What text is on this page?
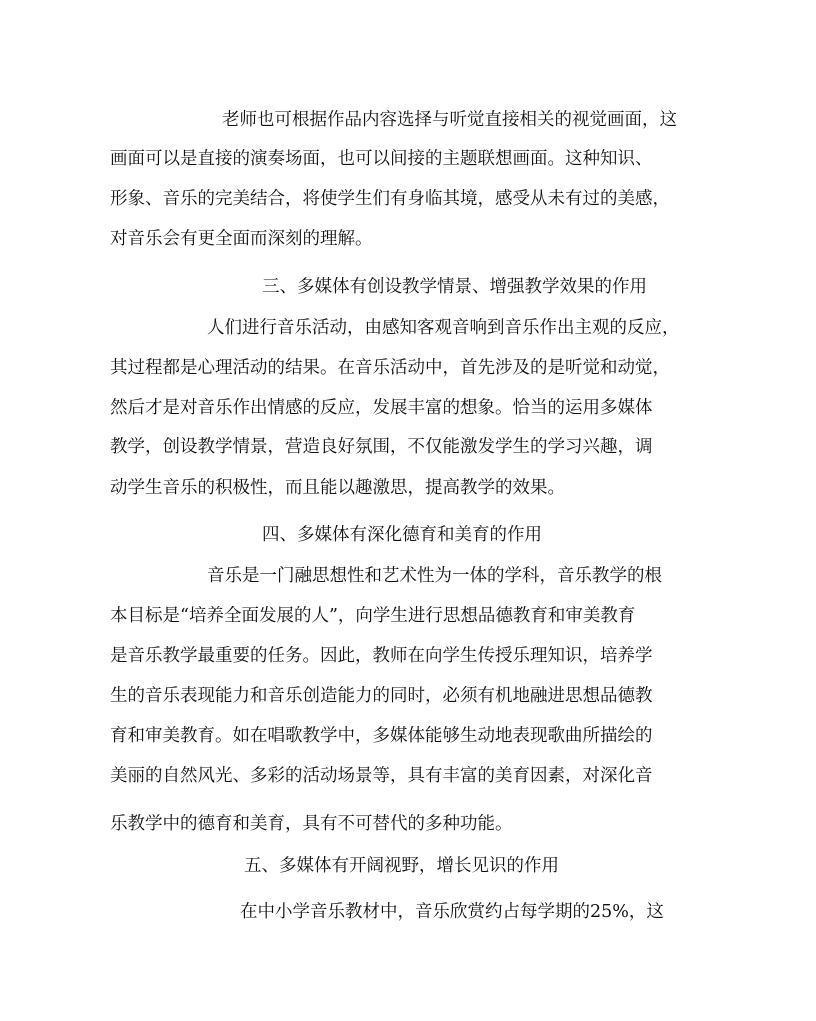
老师也可根据作品内容选择与听觉直接相关的视觉画面，这
画面可以是直接的演奏场面，也可以间接的主题联想画面。这种知识、
形象、音乐的完美结合，将使学生们有身临其境，感受从未有过的美感，
对音乐会有更全面而深刻的理解。
三、多媒体有创设教学情景、增强教学效果的作用
人们进行音乐活动，由感知客观音响到音乐作出主观的反应，
其过程都是心理活动的结果。在音乐活动中，首先涉及的是听觉和动觉，
然后才是对音乐作出情感的反应，发展丰富的想象。恰当的运用多媒体
教学，创设教学情景，营造良好氛围，不仅能激发学生的学习兴趣，调
动学生音乐的积极性，而且能以趣激思，提高教学的效果。
四、多媒体有深化德育和美育的作用
音乐是一门融思想性和艺术性为一体的学科，音乐教学的根
本目标是“培养全面发展的人”，向学生进行思想品德教育和审美教育
是音乐教学最重要的任务。因此，教师在向学生传授乐理知识，培养学
生的音乐表现能力和音乐创造能力的同时，必须有机地融进思想品德教
育和审美教育。如在唱歌教学中，多媒体能够生动地表现歌曲所描绘的
美丽的自然风光、多彩的活动场景等，具有丰富的美育因素，对深化音
乐教学中的德育和美育，具有不可替代的多种功能。
五、多媒体有开阔视野，增长见识的作用
在中小学音乐教材中，音乐欣赏约占每学期的25%，这
